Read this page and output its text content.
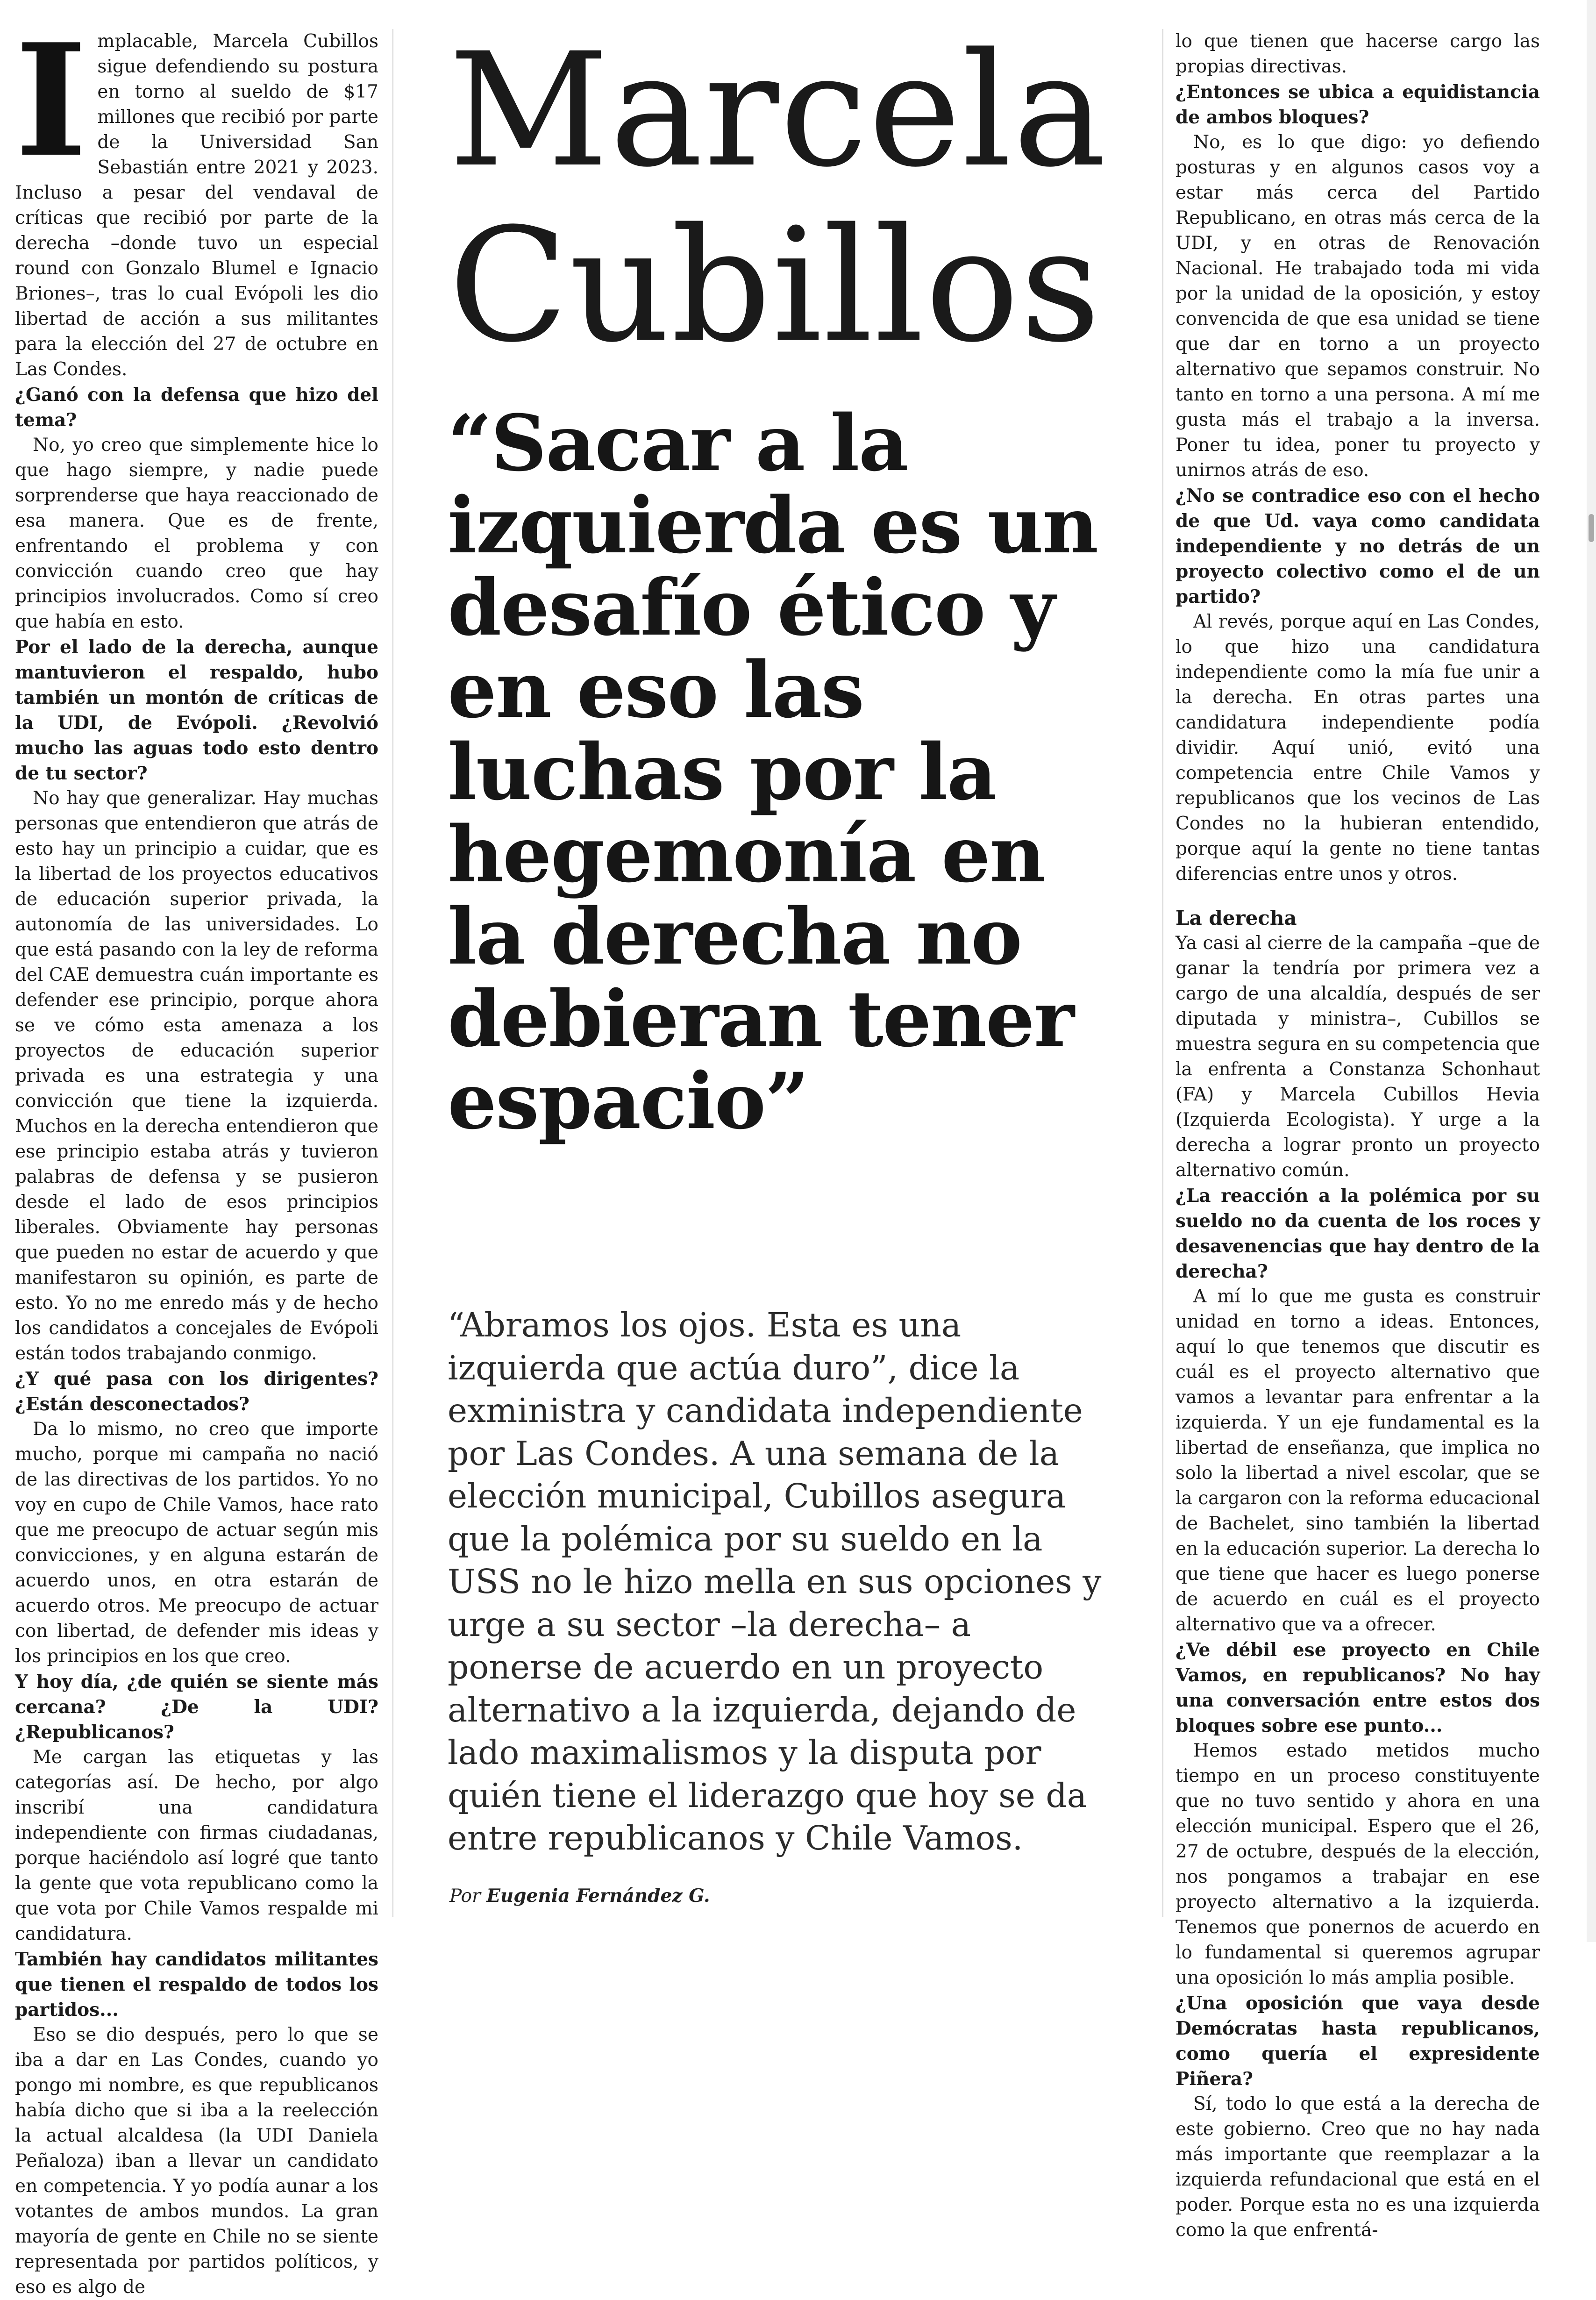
I mplacable, Marcela Cubillos sigue defendiendo su postura en torno al sueldo de $17 millones que recibió por parte de la Universidad San Sebastián entre 2021 y 2023. Incluso a pesar del vendaval de críticas que recibió por parte de la derecha –donde tuvo un especial round con Gonzalo Blumel e Ignacio Briones–, tras lo cual Evópoli les dio libertad de acción a sus militantes para la elección del 27 de octubre en Las Condes.

¿Ganó con la defensa que hizo del tema?

No, yo creo que simplemente hice lo que hago siempre, y nadie puede sorprenderse que haya reaccionado de esa manera. Que es de frente, enfrentando el problema y con convicción cuando creo que hay principios involucrados. Como sí creo que había en esto.

Por el lado de la derecha, aunque mantuvieron el respaldo, hubo también un montón de críticas de la UDI, de Evópoli. ¿Revolvió mucho las aguas todo esto dentro de tu sector?

No hay que generalizar. Hay muchas personas que entendieron que atrás de esto hay un principio a cuidar, que es la libertad de los proyectos educativos de educación superior privada, la autonomía de las universidades. Lo que está pasando con la ley de reforma del CAE demuestra cuán importante es defender ese principio, porque ahora se ve cómo esta amenaza a los proyectos de educación superior privada es una estrategia y una convicción que tiene la izquierda. Muchos en la derecha entendieron que ese principio estaba atrás y tuvieron palabras de defensa y se pusieron desde el lado de esos principios liberales. Obviamente hay personas que pueden no estar de acuerdo y que manifestaron su opinión, es parte de esto. Yo no me enredo más y de hecho los candidatos a concejales de Evópoli están todos trabajando conmigo.

¿Y qué pasa con los dirigentes? ¿Están desconectados?

Da lo mismo, no creo que importe mucho, porque mi campaña no nació de las directivas de los partidos. Yo no voy en cupo de Chile Vamos, hace rato que me preocupo de actuar según mis convicciones, y en alguna estarán de acuerdo unos, en otra estarán de acuerdo otros. Me preocupo de actuar con libertad, de defender mis ideas y los principios en los que creo.

Y hoy día, ¿de quién se siente más cercana? ¿De la UDI? ¿Republicanos?

Me cargan las etiquetas y las categorías así. De hecho, por algo inscribí una candidatura independiente con firmas ciudadanas, porque haciéndolo así logré que tanto la gente que vota republicano como la que vota por Chile Vamos respalde mi candidatura.

También hay candidatos militantes que tienen el respaldo de todos los partidos...

Eso se dio después, pero lo que se iba a dar en Las Condes, cuando yo pongo mi nombre, es que republicanos había dicho que si iba a la reelección la actual alcaldesa (la UDI Daniela Peñaloza) iban a llevar un candidato en competencia. Y yo podía aunar a los votantes de ambos mundos. La gran mayoría de gente en Chile no se siente representada por partidos políticos, y eso es algo de

Marcela
Cubillos
“Sacar a la izquierda es un desafío ético y en eso las luchas por la hegemonía en la derecha no debieran tener espacio”
“Abramos los ojos. Esta es una izquierda que actúa duro”, dice la exministra y candidata independiente por Las Condes. A una semana de la elección municipal, Cubillos asegura que la polémica por su sueldo en la USS no le hizo mella en sus opciones y urge a su sector –la derecha– a ponerse de acuerdo en un proyecto alternativo a la izquierda, dejando de lado maximalismos y la disputa por quién tiene el liderazgo que hoy se da entre republicanos y Chile Vamos.
Por Eugenia Fernández G.

lo que tienen que hacerse cargo las propias directivas.

¿Entonces se ubica a equidistancia de ambos bloques?

No, es lo que digo: yo defiendo posturas y en algunos casos voy a estar más cerca del Partido Republicano, en otras más cerca de la UDI, y en otras de Renovación Nacional. He trabajado toda mi vida por la unidad de la oposición, y estoy convencida de que esa unidad se tiene que dar en torno a un proyecto alternativo que sepamos construir. No tanto en torno a una persona. A mí me gusta más el trabajo a la inversa. Poner tu idea, poner tu proyecto y unirnos atrás de eso.

¿No se contradice eso con el hecho de que Ud. vaya como candidata independiente y no detrás de un proyecto colectivo como el de un partido?

Al revés, porque aquí en Las Condes, lo que hizo una candidatura independiente como la mía fue unir a la derecha. En otras partes una candidatura independiente podía dividir. Aquí unió, evitó una competencia entre Chile Vamos y republicanos que los vecinos de Las Condes no la hubieran entendido, porque aquí la gente no tiene tantas diferencias entre unos y otros.

La derecha

Ya casi al cierre de la campaña –que de ganar la tendría por primera vez a cargo de una alcaldía, después de ser diputada y ministra–, Cubillos se muestra segura en su competencia que la enfrenta a Constanza Schonhaut (FA) y Marcela Cubillos Hevia (Izquierda Ecologista). Y urge a la derecha a lograr pronto un proyecto alternativo común.

¿La reacción a la polémica por su sueldo no da cuenta de los roces y desavenencias que hay dentro de la derecha?

A mí lo que me gusta es construir unidad en torno a ideas. Entonces, aquí lo que tenemos que discutir es cuál es el proyecto alternativo que vamos a levantar para enfrentar a la izquierda. Y un eje fundamental es la libertad de enseñanza, que implica no solo la libertad a nivel escolar, que se la cargaron con la reforma educacional de Bachelet, sino también la libertad en la educación superior. La derecha lo que tiene que hacer es luego ponerse de acuerdo en cuál es el proyecto alternativo que va a ofrecer.

¿Ve débil ese proyecto en Chile Vamos, en republicanos? No hay una conversación entre estos dos bloques sobre ese punto...

Hemos estado metidos mucho tiempo en un proceso constituyente que no tuvo sentido y ahora en una elección municipal. Espero que el 26, 27 de octubre, después de la elección, nos pongamos a trabajar en ese proyecto alternativo a la izquierda. Tenemos que ponernos de acuerdo en lo fundamental si queremos agrupar una oposición lo más amplia posible.

¿Una oposición que vaya desde Demócratas hasta republicanos, como quería el expresidente Piñera?

Sí, todo lo que está a la derecha de este gobierno. Creo que no hay nada más importante que reemplazar a la izquierda refundacional que está en el poder. Porque esta no es una izquierda como la que enfrentá-
